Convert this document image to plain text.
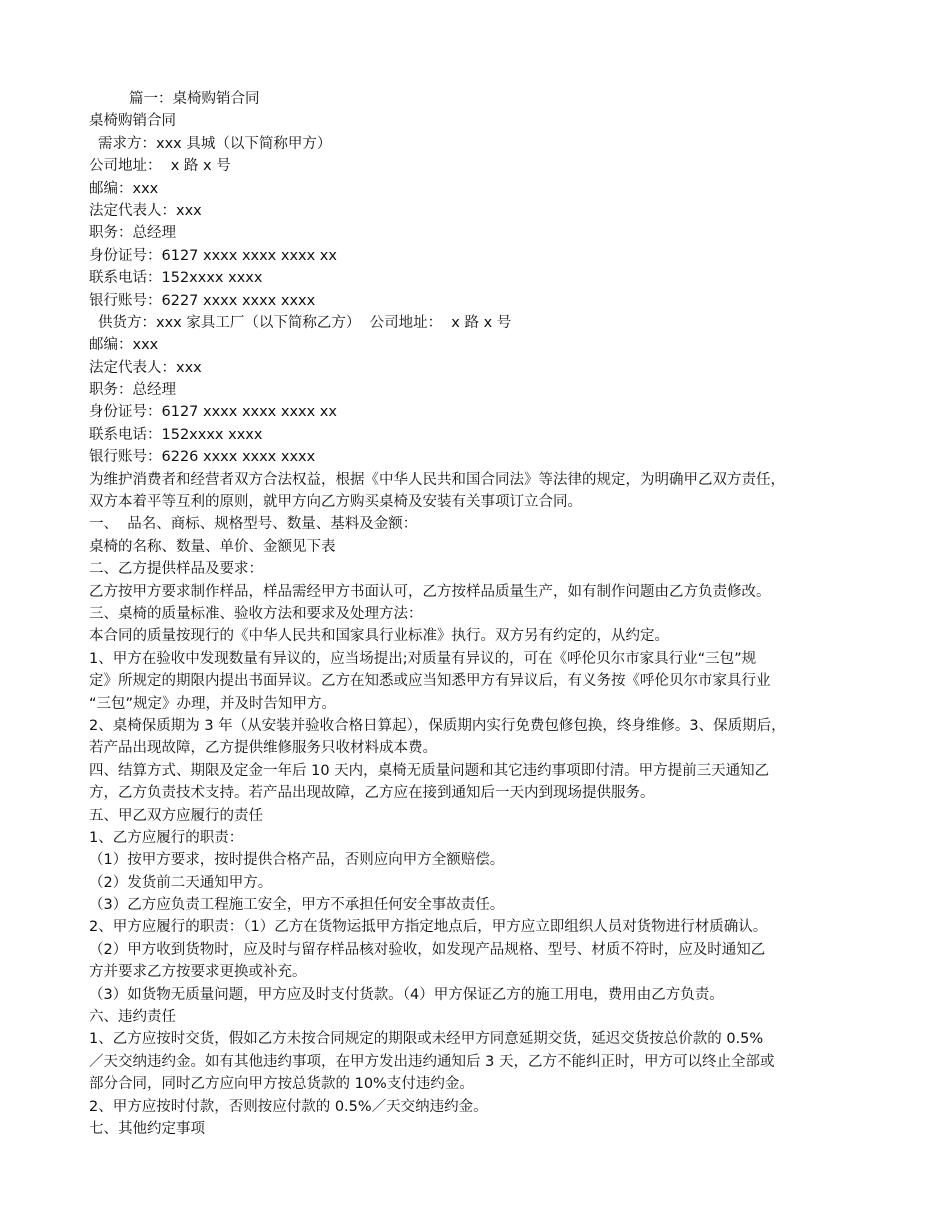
篇一：桌椅购销合同
桌椅购销合同
需求方：xxx 具城（以下简称甲方）
公司地址：  x 路 x 号
邮编：xxx
法定代表人：xxx
职务：总经理
身份证号：6127 xxxx xxxx xxxx xx
联系电话：152xxxx xxxx
银行账号：6227 xxxx xxxx xxxx
供货方：xxx 家具工厂（以下简称乙方）  公司地址：  x 路 x 号
邮编：xxx
法定代表人：xxx
职务：总经理
身份证号：6127 xxxx xxxx xxxx xx
联系电话：152xxxx xxxx
银行账号：6226 xxxx xxxx xxxx
为维护消费者和经营者双方合法权益，根据《中华人民共和国合同法》等法律的规定，为明确甲乙双方责任，
双方本着平等互利的原则，就甲方向乙方购买桌椅及安装有关事项订立合同。
一、  品名、商标、规格型号、数量、基料及金额：
桌椅的名称、数量、单价、金额见下表
二、乙方提供样品及要求：
乙方按甲方要求制作样品，样品需经甲方书面认可，乙方按样品质量生产，如有制作问题由乙方负责修改。
三、桌椅的质量标准、验收方法和要求及处理方法：
本合同的质量按现行的《中华人民共和国家具行业标准》执行。双方另有约定的，从约定。
1、甲方在验收中发现数量有异议的，应当场提出;对质量有异议的，可在《呼伦贝尔市家具行业“三包”规
定》所规定的期限内提出书面异议。乙方在知悉或应当知悉甲方有异议后，有义务按《呼伦贝尔市家具行业
“三包”规定》办理，并及时告知甲方。
2、桌椅保质期为 3 年（从安装并验收合格日算起），保质期内实行免费包修包换，终身维修。3、保质期后，
若产品出现故障，乙方提供维修服务只收材料成本费。
四、结算方式、期限及定金一年后 10 天内，桌椅无质量问题和其它违约事项即付清。甲方提前三天通知乙
方，乙方负责技术支持。若产品出现故障，乙方应在接到通知后一天内到现场提供服务。
五、甲乙双方应履行的责任
1、乙方应履行的职责：
（1）按甲方要求，按时提供合格产品，否则应向甲方全额赔偿。
（2）发货前二天通知甲方。
（3）乙方应负责工程施工安全，甲方不承担任何安全事故责任。
2、甲方应履行的职责：（1）乙方在货物运抵甲方指定地点后，甲方应立即组织人员对货物进行材质确认。
（2）甲方收到货物时，应及时与留存样品核对验收，如发现产品规格、型号、材质不符时，应及时通知乙
方并要求乙方按要求更换或补充。
（3）如货物无质量问题，甲方应及时支付货款。（4）甲方保证乙方的施工用电，费用由乙方负责。
六、违约责任
1、乙方应按时交货，假如乙方未按合同规定的期限或未经甲方同意延期交货，延迟交货按总价款的 0.5%
／天交纳违约金。如有其他违约事项，在甲方发出违约通知后 3 天，乙方不能纠正时，甲方可以终止全部或
部分合同，同时乙方应向甲方按总货款的 10%支付违约金。
2、甲方应按时付款，否则按应付款的 0.5%／天交纳违约金。
七、其他约定事项
